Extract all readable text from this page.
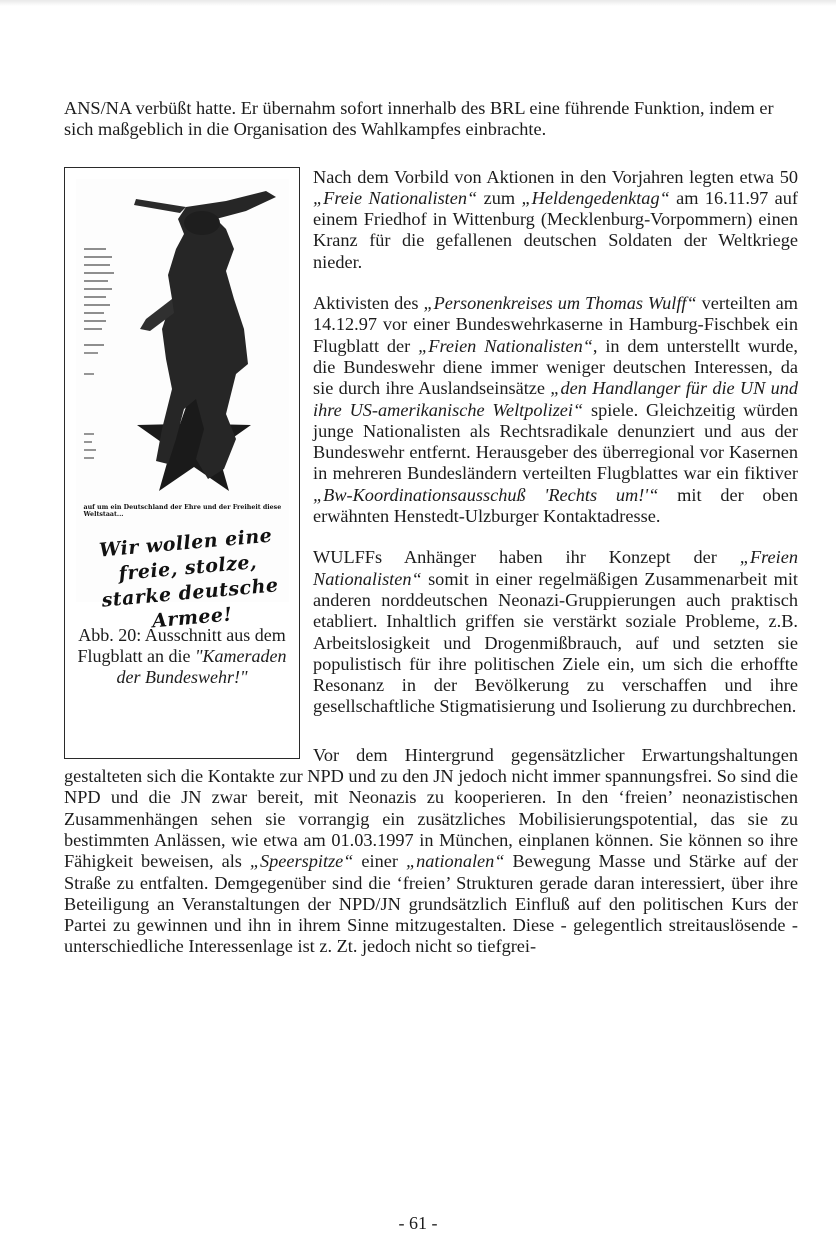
ANS/NA verbüßt hatte. Er übernahm sofort innerhalb des BRL eine führende Funktion, indem er sich maßgeblich in die Organisation des Wahlkampfes einbrachte.

auf um ein Deutschland der Ehre und der Freiheit diese Weltstaat...
Wir wollen eine freie, stolze, starke deutsche Armee!
Abb. 20: Ausschnitt aus dem Flugblatt an die "Kameraden der Bundeswehr!"

Nach dem Vorbild von Aktionen in den Vorjahren legten etwa 50 „Freie Nationalisten“ zum „Heldengedenktag“ am 16.11.97 auf einem Friedhof in Wittenburg (Mecklenburg-Vorpommern) einen Kranz für die gefallenen deutschen Soldaten der Weltkriege nieder.

Aktivisten des „Personenkreises um Thomas Wulff“ verteilten am 14.12.97 vor einer Bundeswehrkaserne in Hamburg-Fischbek ein Flugblatt der „Freien Nationalisten“, in dem unterstellt wurde, die Bundeswehr diene immer weniger deutschen Interessen, da sie durch ihre Auslandseinsätze „den Handlanger für die UN und ihre US-amerikanische Weltpolizei“ spiele. Gleichzeitig würden junge Nationalisten als Rechtsradikale denunziert und aus der Bundeswehr entfernt. Herausgeber des überregional vor Kasernen in mehreren Bundesländern verteilten Flugblattes war ein fiktiver „Bw-Koordinationsausschuß 'Rechts um!'“ mit der oben erwähnten Henstedt-Ulzburger Kontaktadresse.

WULFFs Anhänger haben ihr Konzept der „Freien Nationalisten“ somit in einer regelmäßigen Zusammenarbeit mit anderen norddeutschen Neonazi-Gruppierungen auch praktisch etabliert. Inhaltlich griffen sie verstärkt soziale Probleme, z.B. Arbeitslosigkeit und Drogenmißbrauch, auf und setzten sie populistisch für ihre politischen Ziele ein, um sich die erhoffte Resonanz in der Bevölkerung zu verschaffen und ihre gesellschaftliche Stigmatisierung und Isolierung zu durchbrechen.

Vor dem Hintergrund gegensätzlicher Erwartungshaltungen gestalteten sich die Kontakte zur NPD und zu den JN jedoch nicht immer spannungsfrei. So sind die NPD und die JN zwar bereit, mit Neonazis zu kooperieren. In den ‘freien’ neonazistischen Zusammenhängen sehen sie vorrangig ein zusätzliches Mobilisierungspotential, das sie zu bestimmten Anlässen, wie etwa am 01.03.1997 in München, einplanen können. Sie können so ihre Fähigkeit beweisen, als „Speerspitze“ einer „nationalen“ Bewegung Masse und Stärke auf der Straße zu entfalten. Demgegenüber sind die ‘freien’ Strukturen gerade daran interessiert, über ihre Beteiligung an Veranstaltungen der NPD/JN grundsätzlich Einfluß auf den politischen Kurs der Partei zu gewinnen und ihn in ihrem Sinne mitzugestalten. Diese - gelegentlich streitauslösende - unterschiedliche Interessenlage ist z. Zt. jedoch nicht so tiefgrei-

- 61 -
